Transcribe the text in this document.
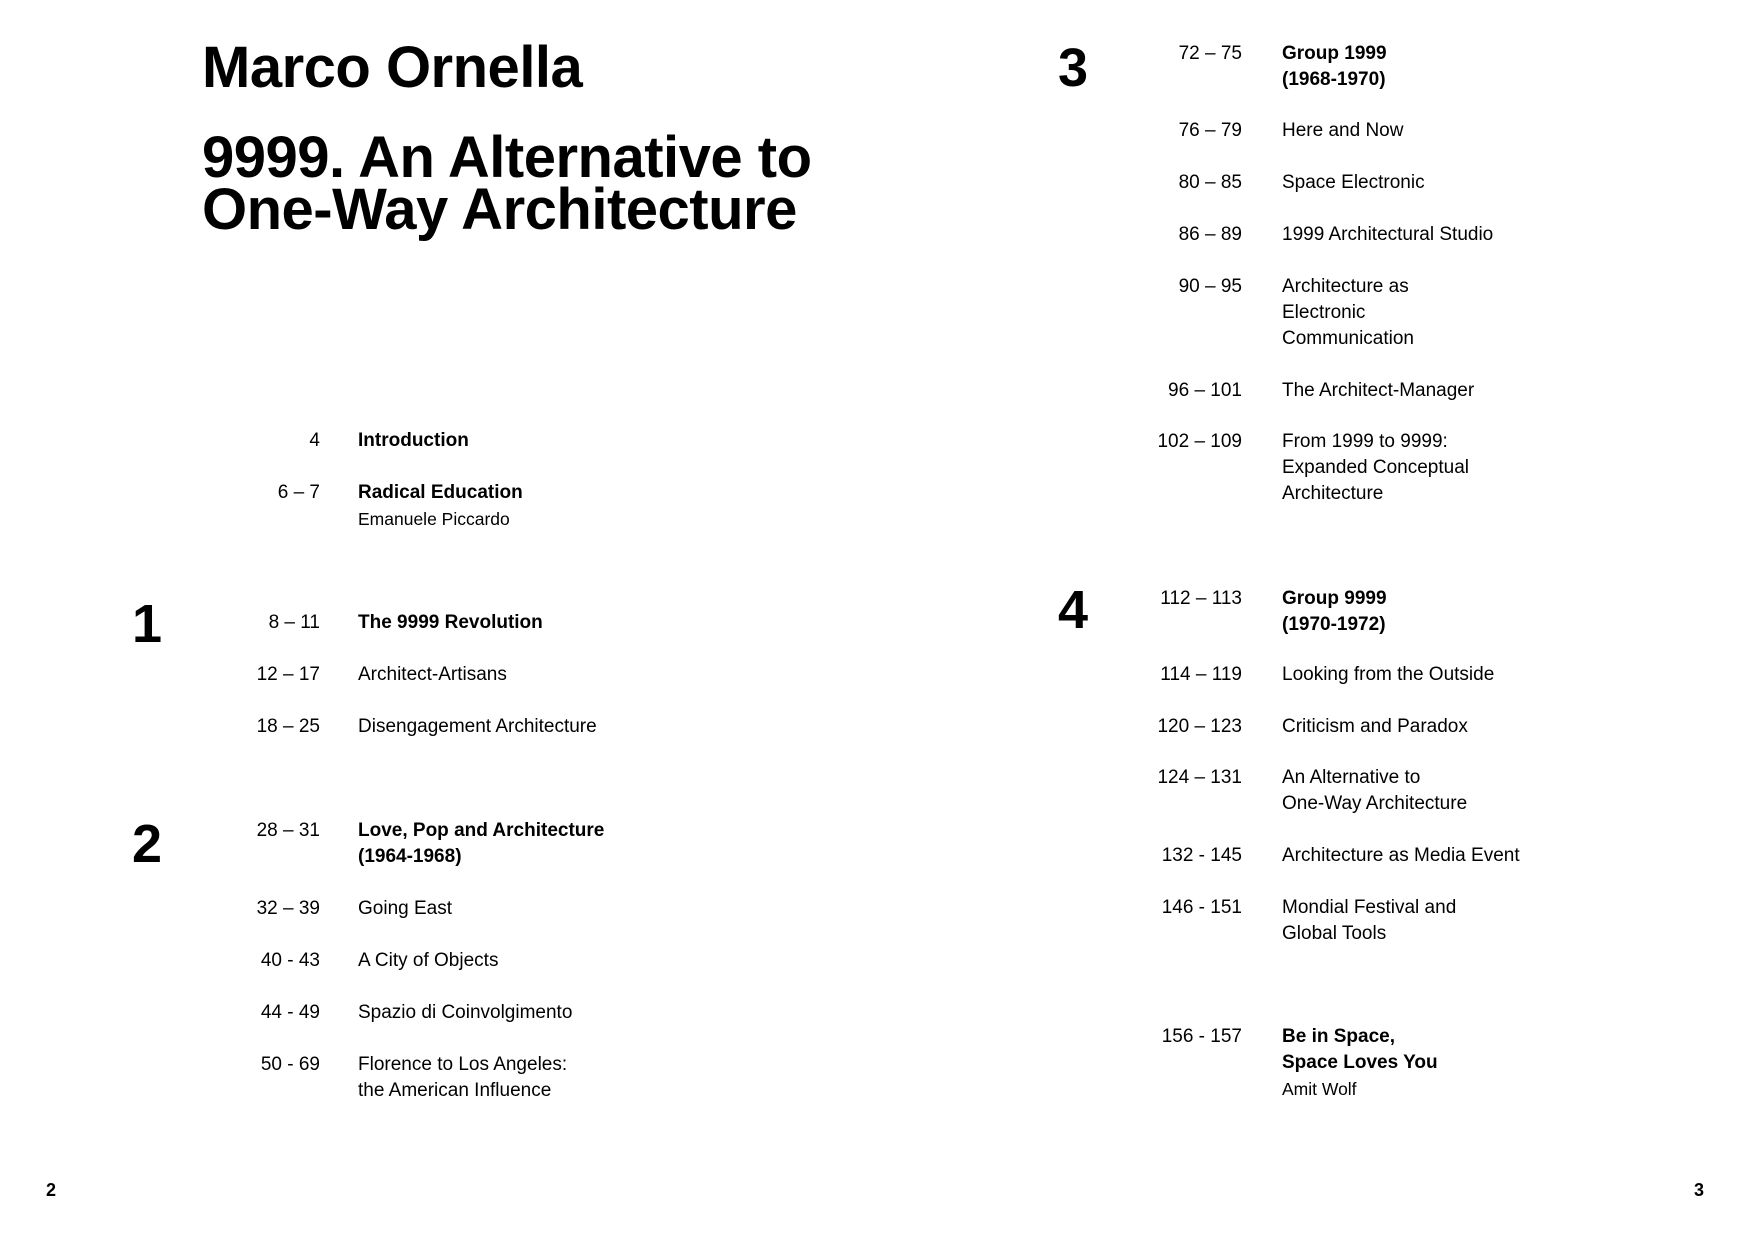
Marco Ornella
9999. An Alternative to
One-Way Architecture
4 Introduction
6 – 7 Radical Education
Emanuele Piccardo
1	8 – 11 The 9999 Revolution
12 – 17 Architect-Artisans
18 – 25 Disengagement Architecture
2	28 – 31 Love, Pop and Architecture
(1964-1968)
32 – 39 Going East
40 - 43 A City of Objects
44 - 49 Spazio di Coinvolgimento
50 - 69 Florence to Los Angeles:
the American Influence
2
3	72 – 75 Group 1999
(1968-1970)
76 – 79 Here and Now
80 – 85 Space Electronic
86 – 89 1999 Architectural Studio
90 – 95 Architecture as
Electronic
Communication
96 – 101 The Architect-Manager
102 – 109 From 1999 to 9999:
Expanded Conceptual
Architecture
4	112 – 113 Group 9999
(1970-1972)
114 – 119 Looking from the Outside
120 – 123 Criticism and Paradox
124 – 131 An Alternative to
One-Way Architecture
132 - 145 Architecture as Media Event
146 - 151 Mondial Festival and
Global Tools
156 - 157 Be in Space,
Space Loves You
Amit Wolf
3
